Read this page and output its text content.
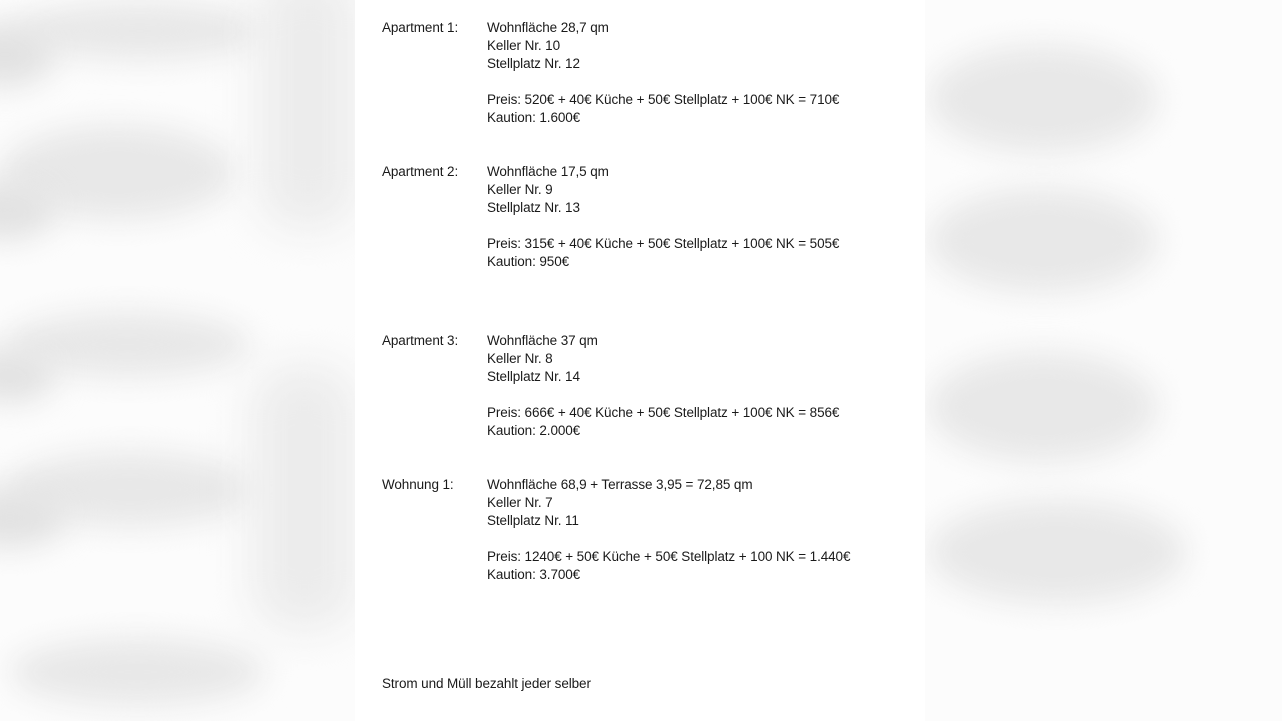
Apartment 1:	Wohnfläche 28,7 qm
Keller Nr. 10
Stellplatz Nr. 12
Preis: 520€ + 40€ Küche + 50€ Stellplatz + 100€ NK = 710€
Kaution: 1.600€
Apartment 2:	Wohnfläche 17,5 qm
Keller Nr. 9
Stellplatz Nr. 13
Preis: 315€ + 40€ Küche + 50€ Stellplatz + 100€ NK = 505€
Kaution: 950€
Apartment 3:	Wohnfläche 37 qm
Keller Nr. 8
Stellplatz Nr. 14
Preis: 666€ + 40€ Küche + 50€ Stellplatz + 100€ NK = 856€
Kaution: 2.000€
Wohnung 1:	Wohnfläche 68,9 + Terrasse 3,95 = 72,85 qm
Keller Nr. 7
Stellplatz Nr. 11
Preis: 1240€ + 50€ Küche + 50€ Stellplatz + 100 NK = 1.440€
Kaution: 3.700€
Strom und Müll bezahlt jeder selber
